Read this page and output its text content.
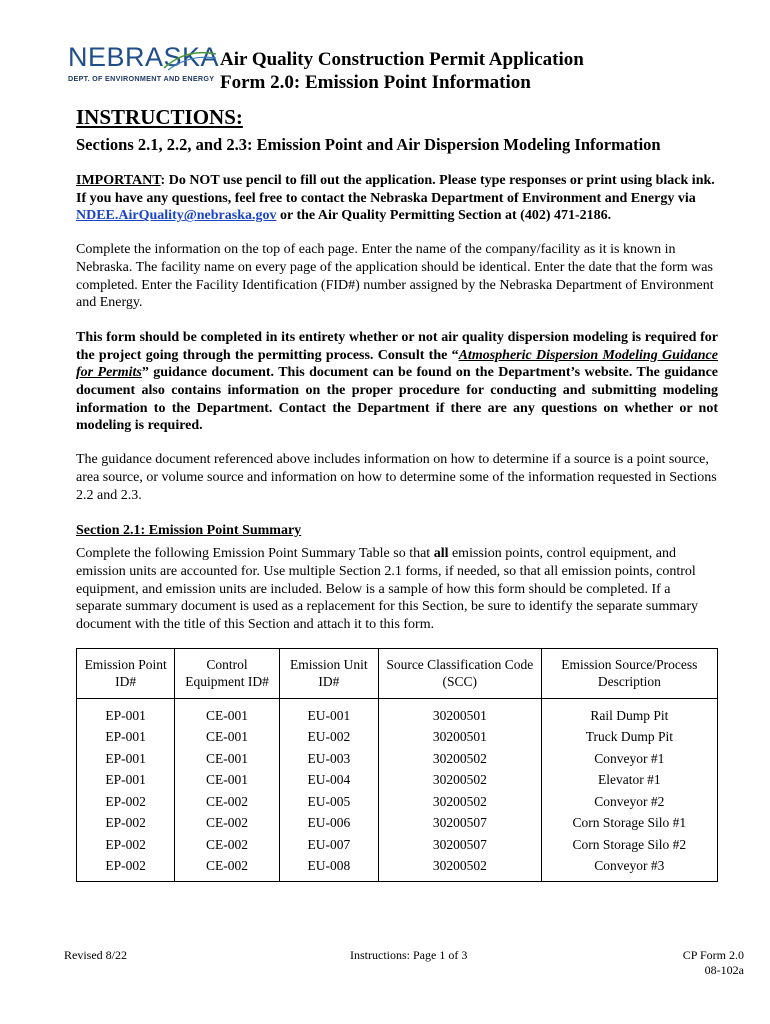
NEBRASKA
DEPT. OF ENVIRONMENT AND ENERGY
Air Quality Construction Permit Application
Form 2.0: Emission Point Information
INSTRUCTIONS:
Sections 2.1, 2.2, and 2.3: Emission Point and Air Dispersion Modeling Information

IMPORTANT: Do NOT use pencil to fill out the application. Please type responses or print using black ink. If you have any questions, feel free to contact the Nebraska Department of Environment and Energy via NDEE.AirQuality@nebraska.gov or the Air Quality Permitting Section at (402) 471-2186.

Complete the information on the top of each page. Enter the name of the company/facility as it is known in Nebraska. The facility name on every page of the application should be identical. Enter the date that the form was completed. Enter the Facility Identification (FID#) number assigned by the Nebraska Department of Environment and Energy.

This form should be completed in its entirety whether or not air quality dispersion modeling is required for the project going through the permitting process. Consult the “Atmospheric Dispersion Modeling Guidance for Permits” guidance document. This document can be found on the Department’s website. The guidance document also contains information on the proper procedure for conducting and submitting modeling information to the Department. Contact the Department if there are any questions on whether or not modeling is required.

The guidance document referenced above includes information on how to determine if a source is a point source, area source, or volume source and information on how to determine some of the information requested in Sections 2.2 and 2.3.

Section 2.1: Emission Point Summary

Complete the following Emission Point Summary Table so that all emission points, control equipment, and emission units are accounted for. Use multiple Section 2.1 forms, if needed, so that all emission points, control equipment, and emission units are included. Below is a sample of how this form should be completed. If a separate summary document is used as a replacement for this Section, be sure to identify the separate summary document with the title of this Section and attach it to this form.

Emission Point ID#	Control Equipment ID#	Emission Unit ID#	Source Classification Code (SCC)	Emission Source/Process Description
EP-001	CE-001	EU-001	30200501	Rail Dump Pit
EP-001	CE-001	EU-002	30200501	Truck Dump Pit
EP-001	CE-001	EU-003	30200502	Conveyor #1
EP-001	CE-001	EU-004	30200502	Elevator #1
EP-002	CE-002	EU-005	30200502	Conveyor #2
EP-002	CE-002	EU-006	30200507	Corn Storage Silo #1
EP-002	CE-002	EU-007	30200507	Corn Storage Silo #2
EP-002	CE-002	EU-008	30200502	Conveyor #3
Revised 8/22	Instructions: Page 1 of 3	CP Form 2.0
08-102a
